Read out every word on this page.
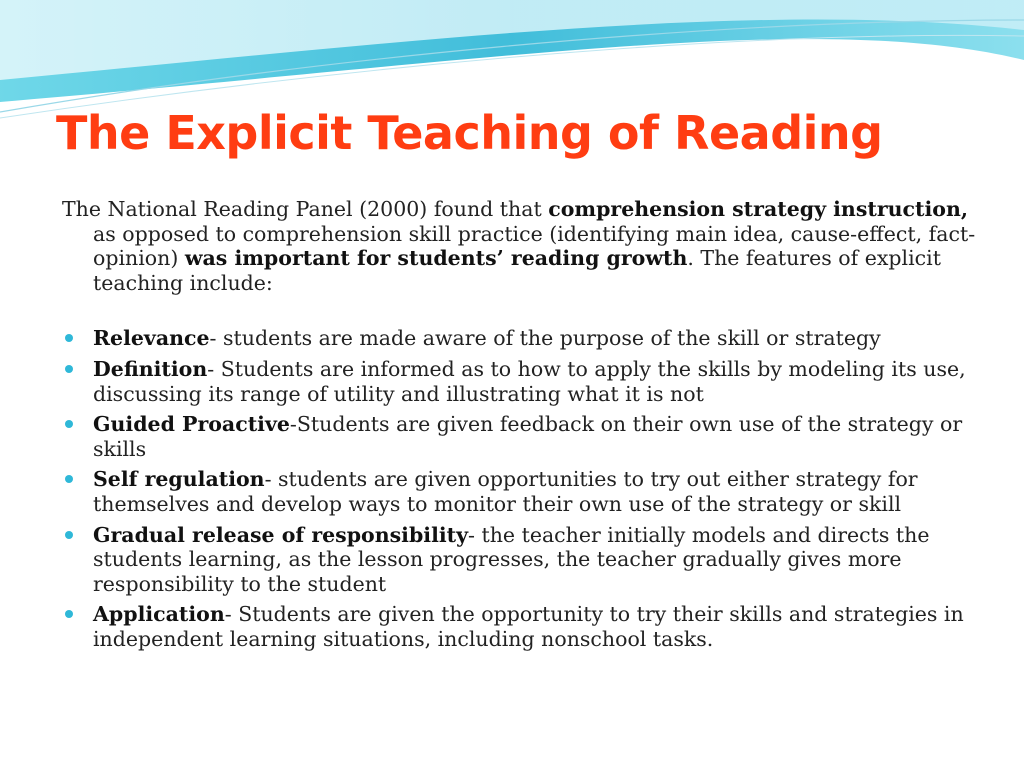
The Explicit Teaching of Reading

The National Reading Panel (2000) found that comprehension strategy instruction, as opposed to comprehension skill practice (identifying main idea, cause-effect, fact-opinion) was important for students’ reading growth. The features of explicit teaching include:

Relevance- students are made aware of the purpose of the skill or strategy
Definition- Students are informed as to how to apply the skills by modeling its use, discussing its range of utility and illustrating what it is not
Guided Proactive-Students are given feedback on their own use of the strategy or skills
Self regulation- students are given opportunities to try out either strategy for themselves and develop ways to monitor their own use of the strategy or skill
Gradual release of responsibility- the teacher initially models and directs the students learning, as the lesson progresses, the teacher gradually gives more responsibility to the student
Application- Students are given the opportunity to try their skills and strategies in independent learning situations, including nonschool tasks.
